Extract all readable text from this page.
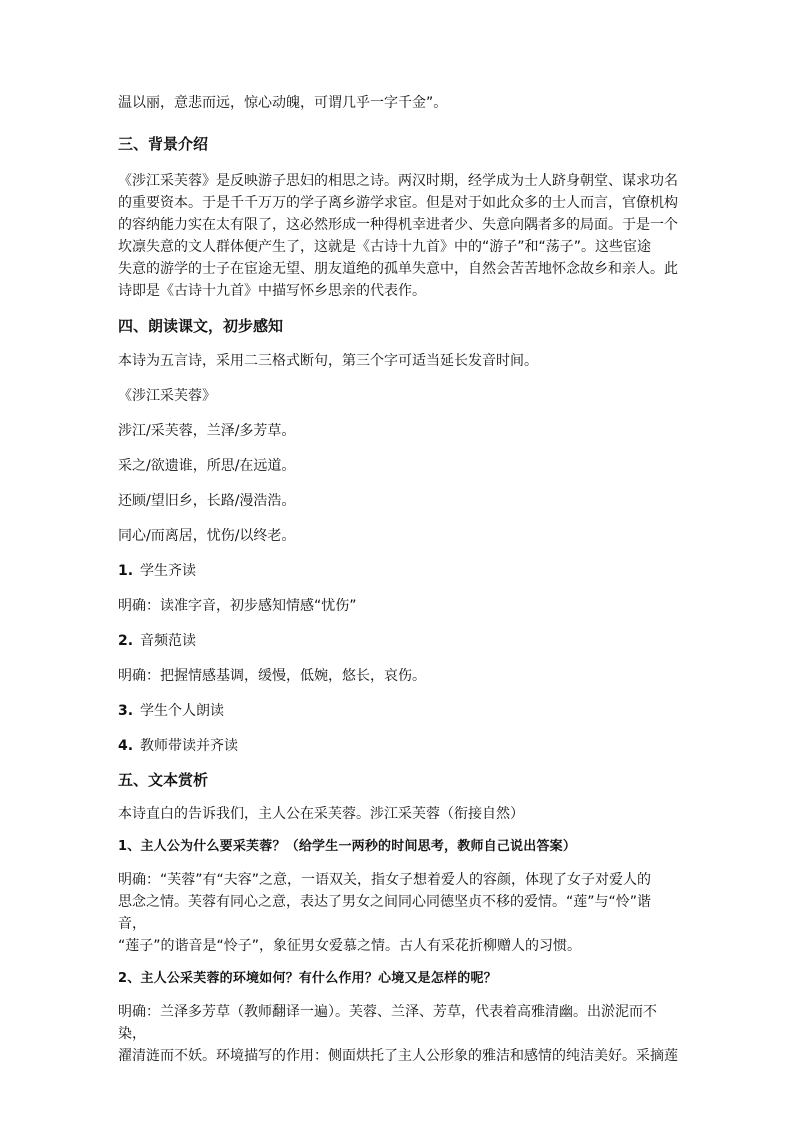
温以丽，意悲而远，惊心动魄，可谓几乎一字千金”。

三、背景介绍

《涉江采芙蓉》是反映游子思妇的相思之诗。两汉时期，经学成为士人跻身朝堂、谋求功名

的重要资本。于是千千万万的学子离乡游学求宦。但是对于如此众多的士人而言，官僚机构

的容纳能力实在太有限了，这必然形成一种得机幸进者少、失意向隅者多的局面。于是一个

坎凛失意的文人群体便产生了，这就是《古诗十九首》中的“游子”和“荡子”。这些宦途

失意的游学的士子在宦途无望、朋友道绝的孤单失意中，自然会苦苦地怀念故乡和亲人。此

诗即是《古诗十九首》中描写怀乡思亲的代表作。

四、朗读课文，初步感知

本诗为五言诗，采用二三格式断句，第三个字可适当延长发音时间。

《涉江采芙蓉》

涉江/采芙蓉，兰泽/多芳草。

采之/欲遗谁，所思/在远道。

还顾/望旧乡，长路/漫浩浩。

同心/而离居，忧伤/以终老。

1. 学生齐读

明确：读准字音，初步感知情感“忧伤”

2. 音频范读

明确：把握情感基调，缓慢，低婉，悠长，哀伤。

3. 学生个人朗读

4. 教师带读并齐读

五、文本赏析

本诗直白的告诉我们，主人公在采芙蓉。涉江采芙蓉（衔接自然）

1、主人公为什么要采芙蓉？（给学生一两秒的时间思考，教师自己说出答案）

明确：“芙蓉”有“夫容”之意，一语双关，指女子想着爱人的容颜，体现了女子对爱人的

思念之情。芙蓉有同心之意，表达了男女之间同心同德坚贞不移的爱情。“莲”与“怜”谐音，

“莲子”的谐音是“怜子”，象征男女爱慕之情。古人有采花折柳赠人的习惯。

2、主人公采芙蓉的环境如何？有什么作用？心境又是怎样的呢？

明确：兰泽多芳草（教师翻译一遍）。芙蓉、兰泽、芳草，代表着高雅清幽。出淤泥而不染，

濯清涟而不妖。环境描写的作用：侧面烘托了主人公形象的雅洁和感情的纯洁美好。采摘莲
